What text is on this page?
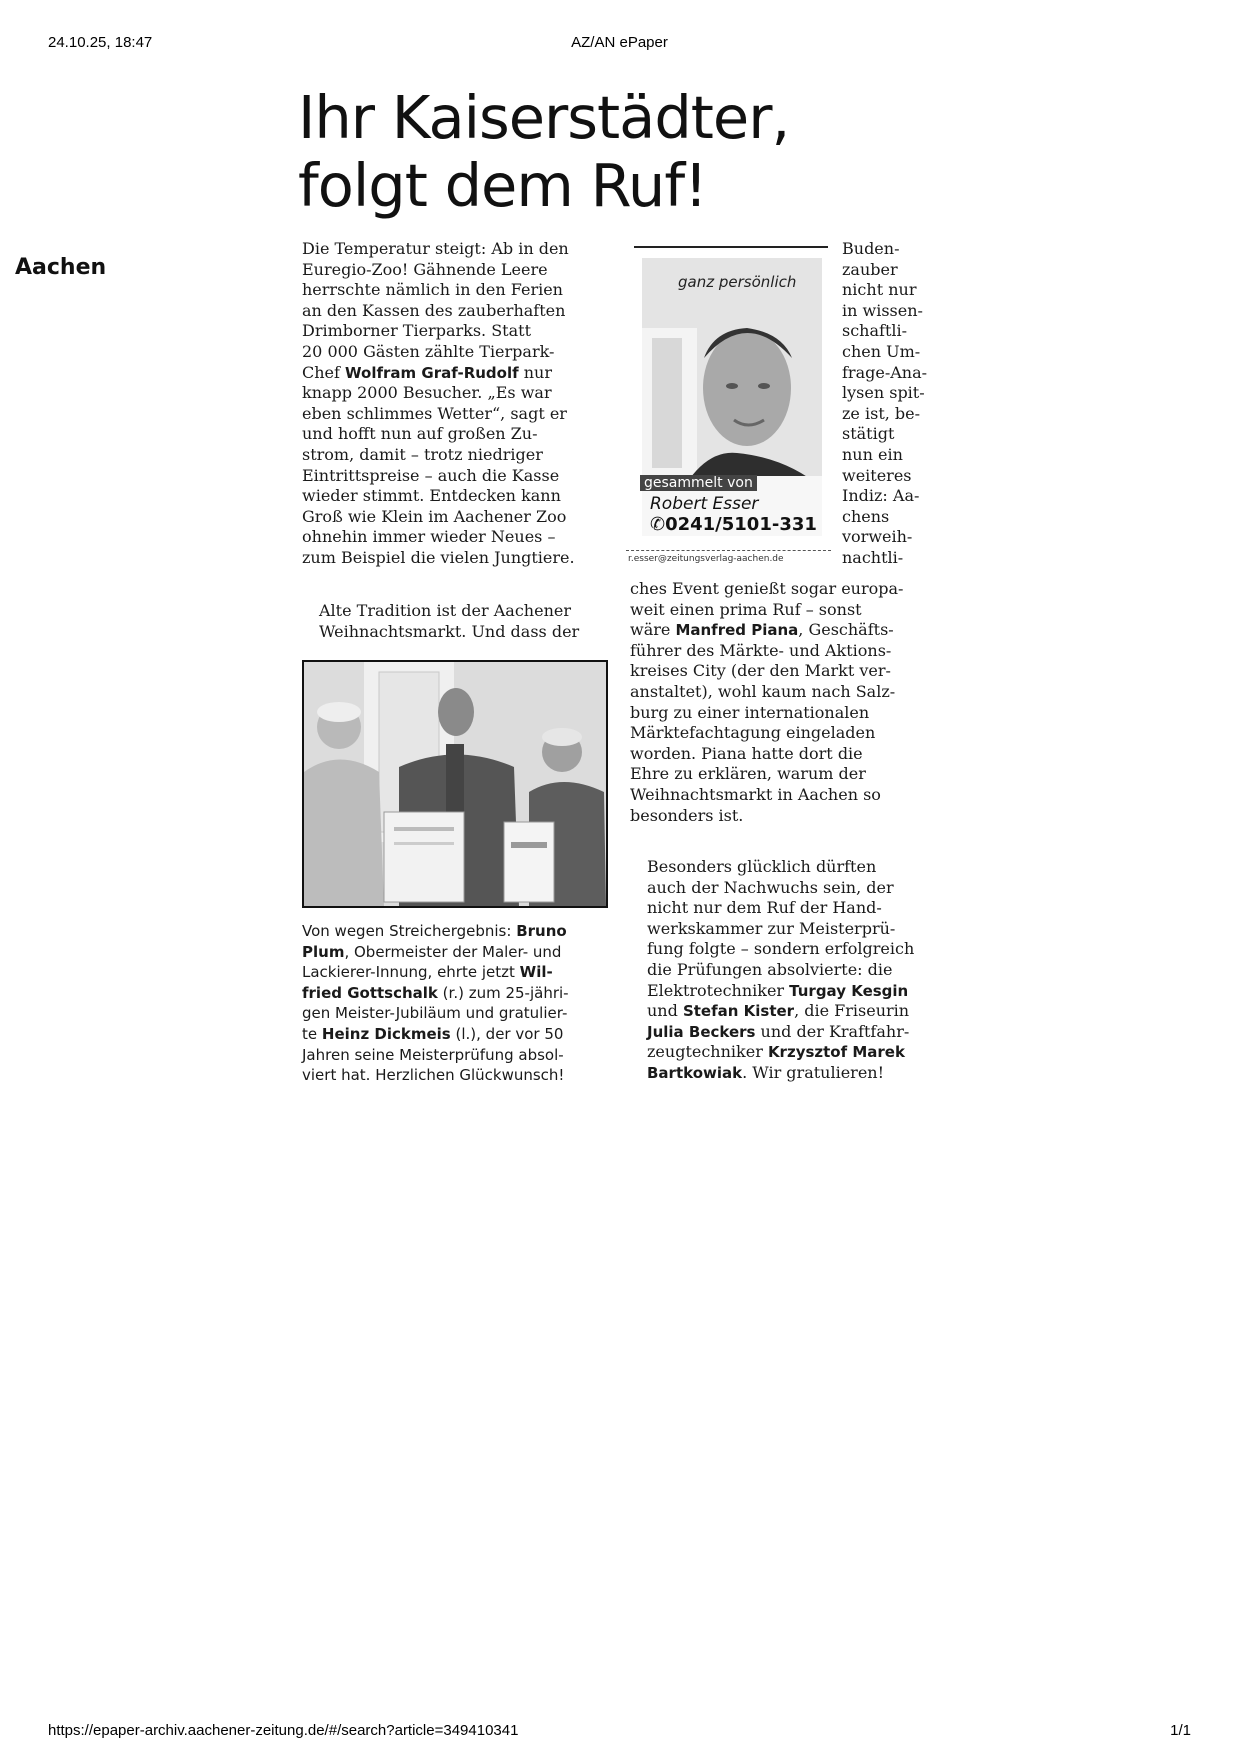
24.10.25, 18:47	AZ/AN ePaper
Ihr Kaiserstädter,
folgt dem Ruf!
Die Temperatur steigt: Ab in den
Euregio-Zoo! Gähnende Leere
herrschte nämlich in den Ferien
an den Kassen des zauberhaften
Drimborner Tierparks. Statt
20 000 Gästen zählte Tierpark-
Chef Wolfram Graf-Rudolf nur
knapp 2000 Besucher. „Es war
eben schlimmes Wetter“, sagt er
und hofft nun auf großen Zu-
strom, damit – trotz niedriger
Eintrittspreise – auch die Kasse
wieder stimmt. Entdecken kann
Groß wie Klein im Aachener Zoo
ohnehin immer wieder Neues –
zum Beispiel die vielen Jungtiere.
Alte Tradition ist der Aachener
Weihnachtsmarkt. Und dass der
Von wegen Streichergebnis: Bruno
Plum, Obermeister der Maler- und
Lackierer-Innung, ehrte jetzt Wil-
fried Gottschalk (r.) zum 25-jähri-
gen Meister-Jubiläum und gratulier-
te Heinz Dickmeis (l.), der vor 50
Jahren seine Meisterprüfung absol-
viert hat. Herzlichen Glückwunsch!
Aachen
ganz persönlich
gesammelt von
Robert Esser
✆0241/5101-331
r.esser@zeitungsverlag-aachen.de
Buden-
zauber
nicht nur
in wissen-
schaftli-
chen Um-
frage-Ana-
lysen spit-
ze ist, be-
stätigt
nun ein
weiteres
Indiz: Aa-
chens
vorweih-
nachtli-
ches Event genießt sogar europa-
weit einen prima Ruf – sonst
wäre Manfred Piana, Geschäfts-
führer des Märkte- und Aktions-
kreises City (der den Markt ver-
anstaltet), wohl kaum nach Salz-
burg zu einer internationalen
Märktefachtagung eingeladen
worden. Piana hatte dort die
Ehre zu erklären, warum der
Weihnachtsmarkt in Aachen so
besonders ist.
Besonders glücklich dürften
auch der Nachwuchs sein, der
nicht nur dem Ruf der Hand-
werkskammer zur Meisterprü-
fung folgte – sondern erfolgreich
die Prüfungen absolvierte: die
Elektrotechniker Turgay Kesgin
und Stefan Kister, die Friseurin
Julia Beckers und der Kraftfahr-
zeugtechniker Krzysztof Marek
Bartkowiak. Wir gratulieren!
https://epaper-archiv.aachener-zeitung.de/#/search?article=349410341	1/1
